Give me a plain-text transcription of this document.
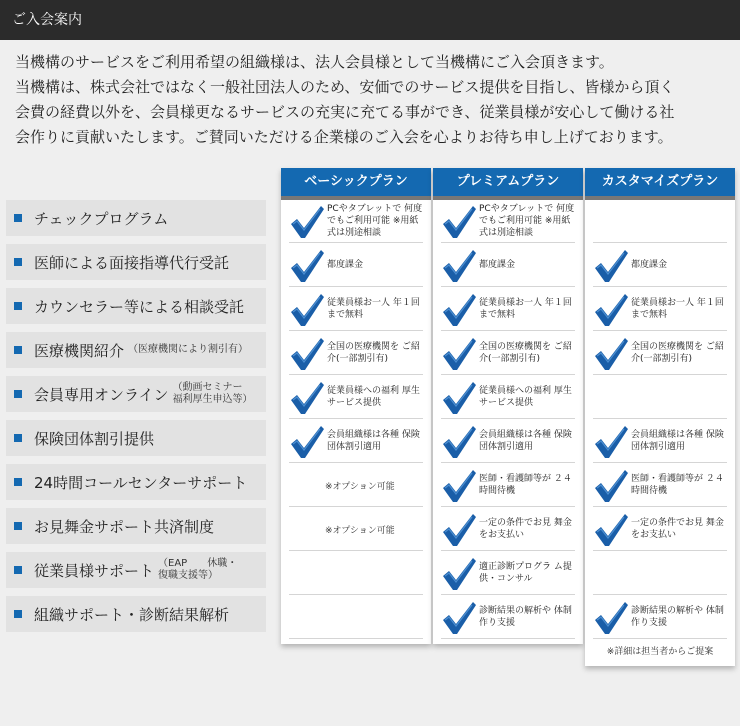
ご入会案内
当機構のサービスをご利用希望の組織様は、法人会員様として当機構にご入会頂きます。
当機構は、株式会社ではなく一般社団法人のため、安価でのサービス提供を目指し、皆様から頂く
会費の経費以外を、会員様更なるサービスの充実に充てる事ができ、従業員様が安心して働ける社
会作りに貢献いたします。ご賛同いただける企業様のご入会を心よりお待ち申し上げております。
チェックプログラム
医師による面接指導代行受託
カウンセラー等による相談受託
医療機関紹介 （医療機関により割引有）
会員専用オンライン （動画セミナー　　福利厚生申込等）
保険団体割引提供
24時間コールセンターサポート
お見舞金サポート共済制度
従業員様サポート （EAP　　休職・復職支援等）
組織サポート・診断結果解析
ベーシックプラン
PCやタブレットで 何度でもご利用可能 ※用紙式は別途相談
都度課金
従業員様お一人 年１回まで無料
全国の医療機関を ご紹介(一部割引有)
従業員様への福利 厚生サービス提供
会員組織様は各種 保険団体割引適用
※オプション可能
※オプション可能
プレミアムプラン
PCやタブレットで 何度でもご利用可能 ※用紙式は別途相談
都度課金
従業員様お一人 年１回まで無料
全国の医療機関を ご紹介(一部割引有)
従業員様への福利 厚生サービス提供
会員組織様は各種 保険団体割引適用
医師・看護師等が ２４時間待機
一定の条件でお見 舞金をお支払い
適正診断プログラ ム提供・コンサル
診断結果の解析や 体制作り支援
カスタマイズプラン
都度課金
従業員様お一人 年１回まで無料
全国の医療機関を ご紹介(一部割引有)
会員組織様は各種 保険団体割引適用
医師・看護師等が ２４時間待機
一定の条件でお見 舞金をお支払い
診断結果の解析や 体制作り支援
※詳細は担当者からご提案
